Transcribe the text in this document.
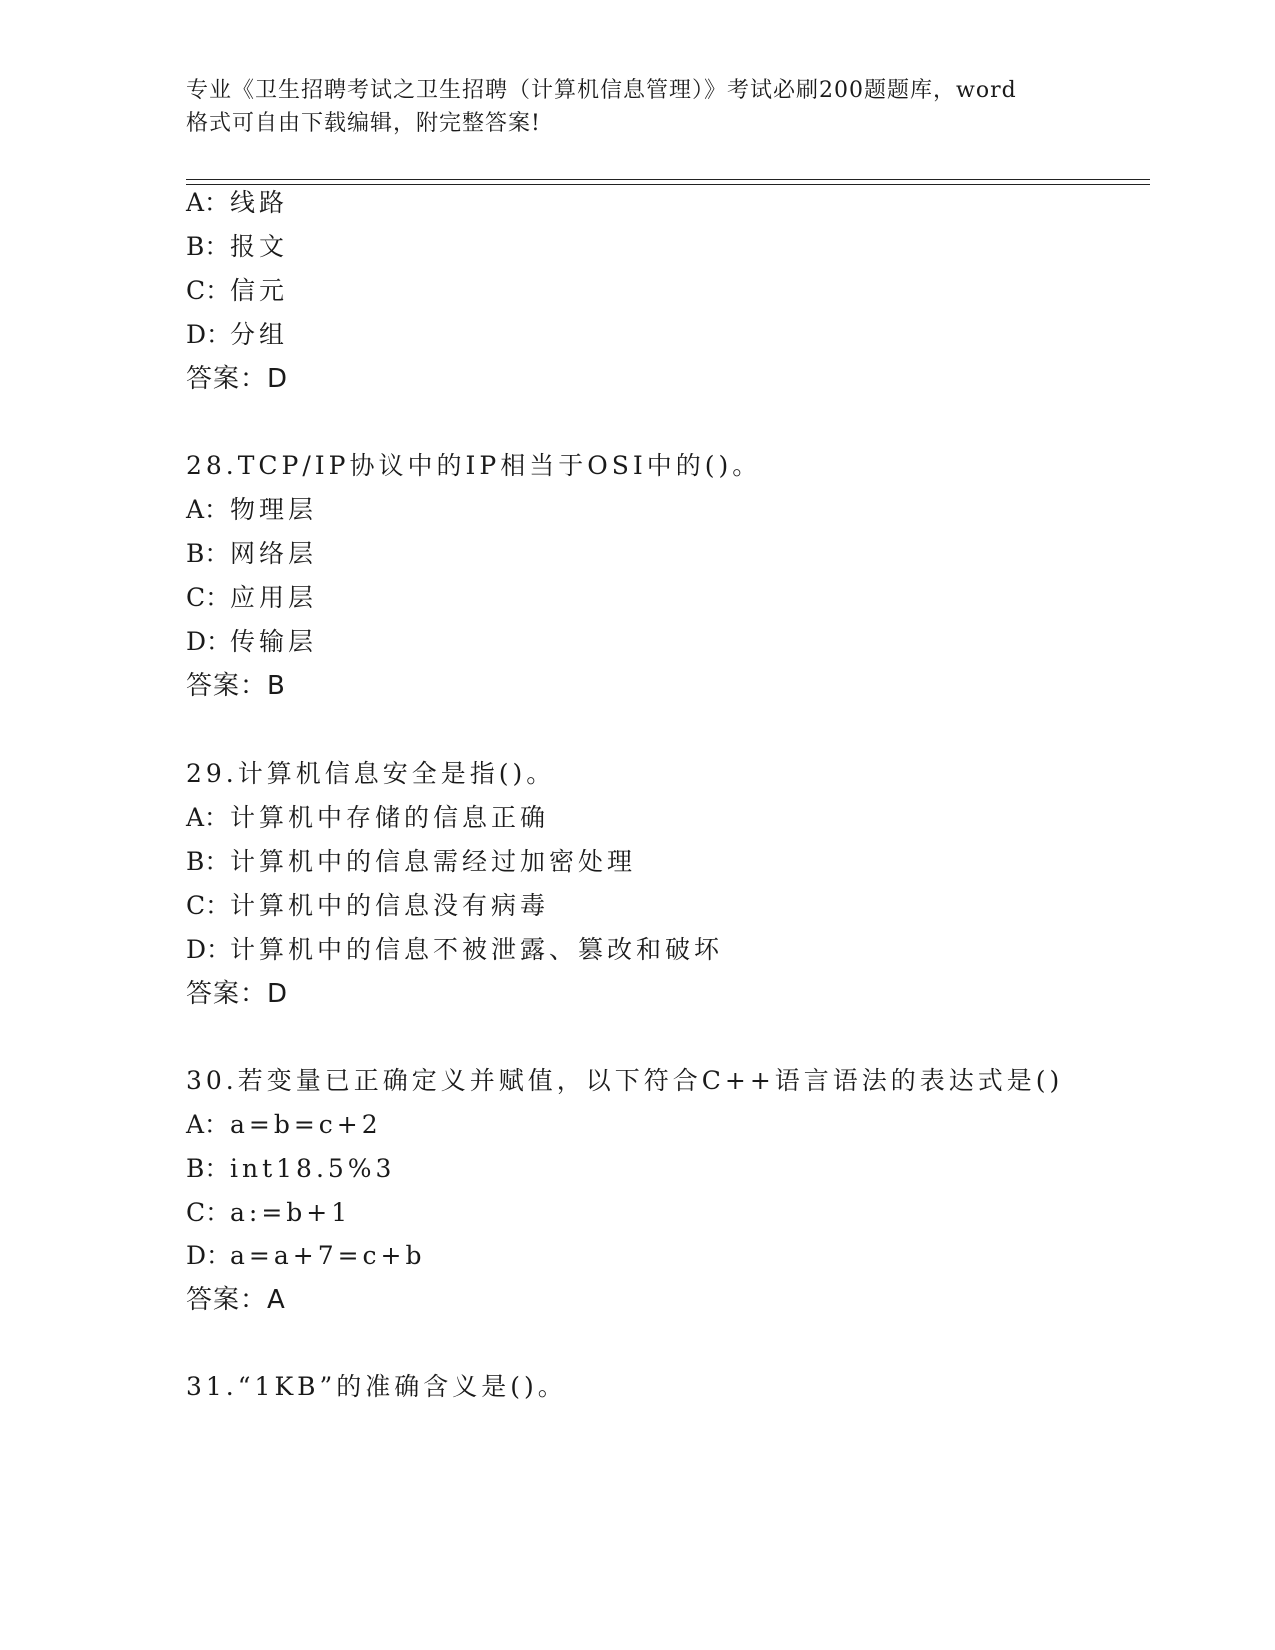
专业《卫生招聘考试之卫生招聘（计算机信息管理）》考试必刷200题题库，word
格式可自由下载编辑，附完整答案!
A：线路
B：报文
C：信元
D：分组
答案：D
28.TCP/IP协议中的IP相当于OSI中的()。
A：物理层
B：网络层
C：应用层
D：传输层
答案：B
29.计算机信息安全是指()。
A：计算机中存储的信息正确
B：计算机中的信息需经过加密处理
C：计算机中的信息没有病毒
D：计算机中的信息不被泄露、篡改和破坏
答案：D
30.若变量已正确定义并赋值，以下符合C++语言语法的表达式是()
A：a=b=c+2
B：int18.5%3
C：a:=b+1
D：a=a+7=c+b
答案：A
31.“1KB”的准确含义是()。
